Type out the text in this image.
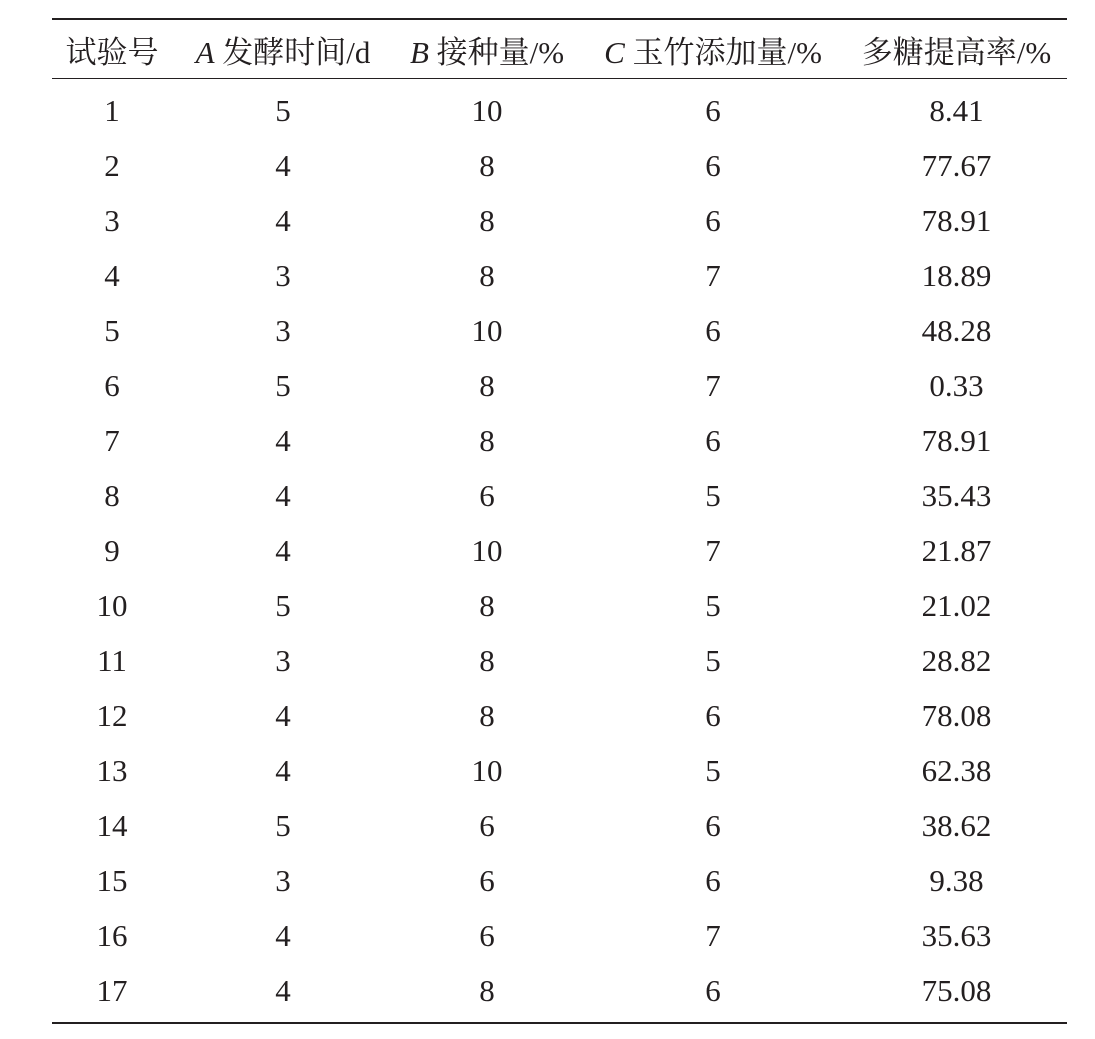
试验号	A 发酵时间/d	B 接种量/%	C 玉竹添加量/%	多糖提高率/%
1	5	10	6	8.41
2	4	8	6	77.67
3	4	8	6	78.91
4	3	8	7	18.89
5	3	10	6	48.28
6	5	8	7	0.33
7	4	8	6	78.91
8	4	6	5	35.43
9	4	10	7	21.87
10	5	8	5	21.02
11	3	8	5	28.82
12	4	8	6	78.08
13	4	10	5	62.38
14	5	6	6	38.62
15	3	6	6	9.38
16	4	6	7	35.63
17	4	8	6	75.08
